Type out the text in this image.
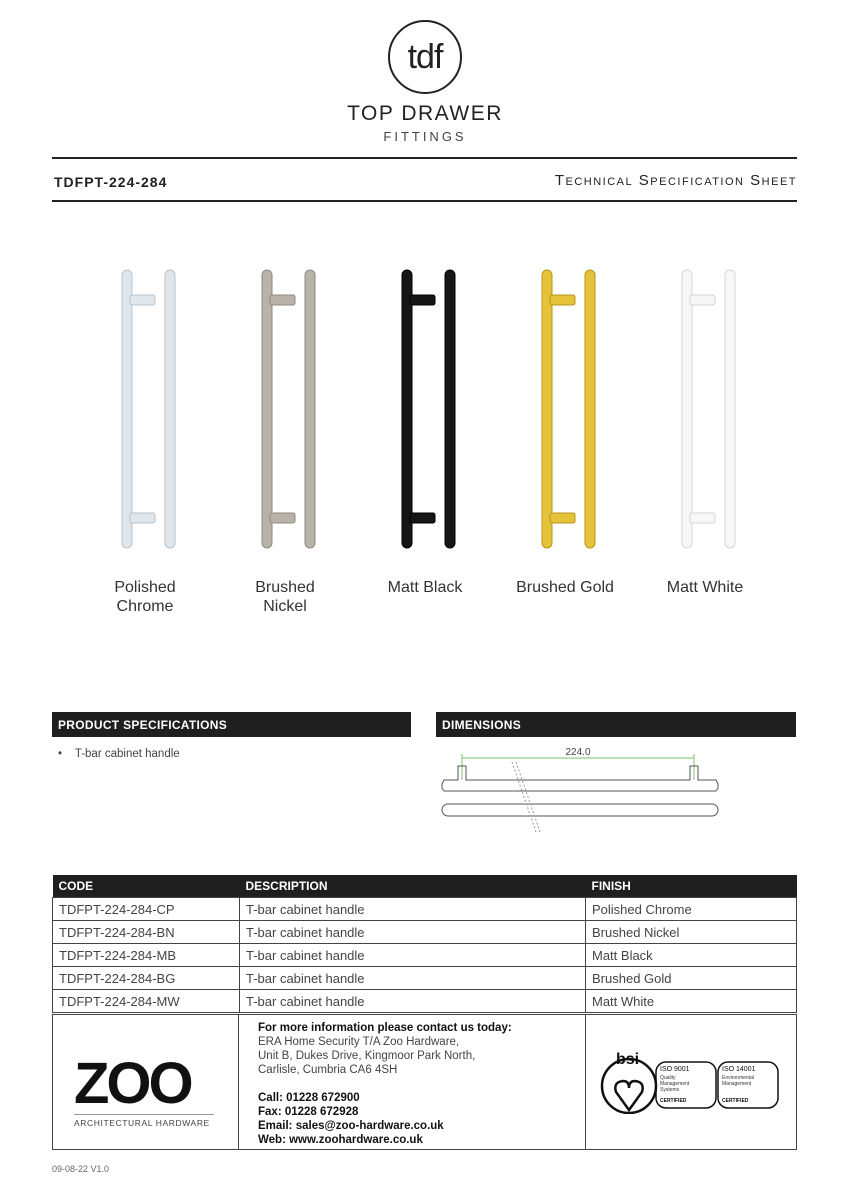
tdf
TOP DRAWER
FITTINGS
TDFPT-224-284	Technical Specification Sheet
Polished Chrome
Brushed Nickel
Matt Black	Brushed Gold	Matt White
PRODUCT SPECIFICATIONS	DIMENSIONS
•    T-bar cabinet handle	224.0
CODE	DESCRIPTION	FINISH
TDFPT-224-284-CP	T-bar cabinet handle	Polished Chrome
TDFPT-224-284-BN	T-bar cabinet handle	Brushed Nickel
TDFPT-224-284-MB	T-bar cabinet handle	Matt Black
TDFPT-224-284-BG	T-bar cabinet handle	Brushed Gold
TDFPT-224-284-MW	T-bar cabinet handle	Matt White
ZOO
ARCHITECTURAL HARDWARE
For more information please contact us today:
ERA Home Security T/A Zoo Hardware,
Unit B, Dukes Drive, Kingmoor Park North,
Carlisle, Cumbria CA6 4SH
Call: 01228 672900
Fax: 01228 672928
Email: sales@zoo-hardware.co.uk
Web: www.zoohardware.co.uk
bsi
ISO 9001
Quality
Management
Systems
CERTIFIED
ISO 14001
Environmental
Management
CERTIFIED
09-08-22 V1.0
